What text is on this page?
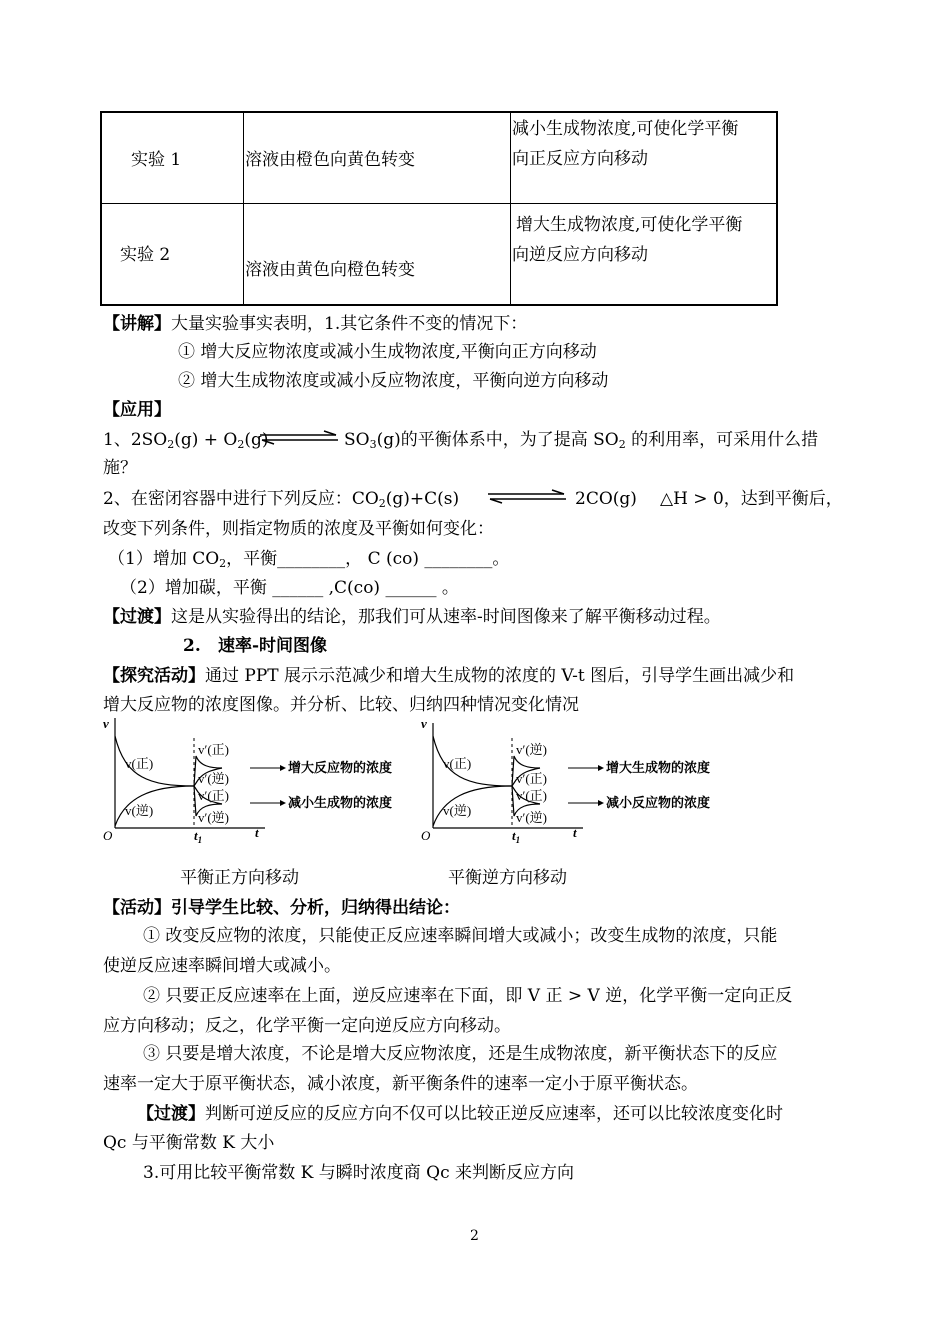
实验 1	溶液由橙色向黄色转变	减小生成物浓度,可使化学平衡
向正反应方向移动

实验 2	溶液由黄色向橙色转变	增大生成物浓度,可使化学平衡
向逆反应方向移动
【讲解】大量实验事实表明，1.其它条件不变的情况下：
① 增大反应物浓度或减小生成物浓度,平衡向正方向移动
② 增大生成物浓度或减小反应物浓度，平衡向逆方向移动
【应用】
1、$2SO_2(g) + O_2(g)$	$SO_3(g)$的平衡体系中，为了提高 $SO_2$ 的利用率，可采用什么措
施？
2、在密闭容器中进行下列反应：$CO_2(g)+C(s)$	2CO(g) △H > 0，达到平衡后，
改变下列条件，则指定物质的浓度及平衡如何变化：
（1）增加 $CO_2$，平衡________， C (co) ________。
（2）增加碳，平衡 ______ ,C(co) ______ 。
【过渡】这是从实验得出的结论，那我们可从速率-时间图像来了解平衡移动过程。
2. 速率-时间图像
【探究活动】通过 PPT 展示示范减少和增大生成物的浓度的 V-t 图后，引导学生画出减少和
增大反应物的浓度图像。并分析、比较、归纳四种情况变化情况
v
O	$t_1$	t
v(正)
v(逆)
v′(正)
v′(逆)
v′(正)
v′(逆)
增大反应物的浓度
减小生成物的浓度
v
O	$t_1$	t
v(正)
v(逆)
v′(逆)
v′(正)
v′(正)
v′(逆)
增大生成物的浓度
减小反应物的浓度
平衡正方向移动	平衡逆方向移动
【活动】引导学生比较、分析，归纳得出结论：
① 改变反应物的浓度，只能使正反应速率瞬间增大或减小；改变生成物的浓度，只能
使逆反应速率瞬间增大或减小。
② 只要正反应速率在上面，逆反应速率在下面，即 V 正 > V 逆，化学平衡一定向正反
应方向移动；反之，化学平衡一定向逆反应方向移动。
③ 只要是增大浓度，不论是增大反应物浓度，还是生成物浓度，新平衡状态下的反应
速率一定大于原平衡状态，减小浓度，新平衡条件的速率一定小于原平衡状态。
【过渡】判断可逆反应的反应方向不仅可以比较正逆反应速率，还可以比较浓度变化时
Qc 与平衡常数 K 大小
3.可用比较平衡常数 K 与瞬时浓度商 Qc 来判断反应方向
2
